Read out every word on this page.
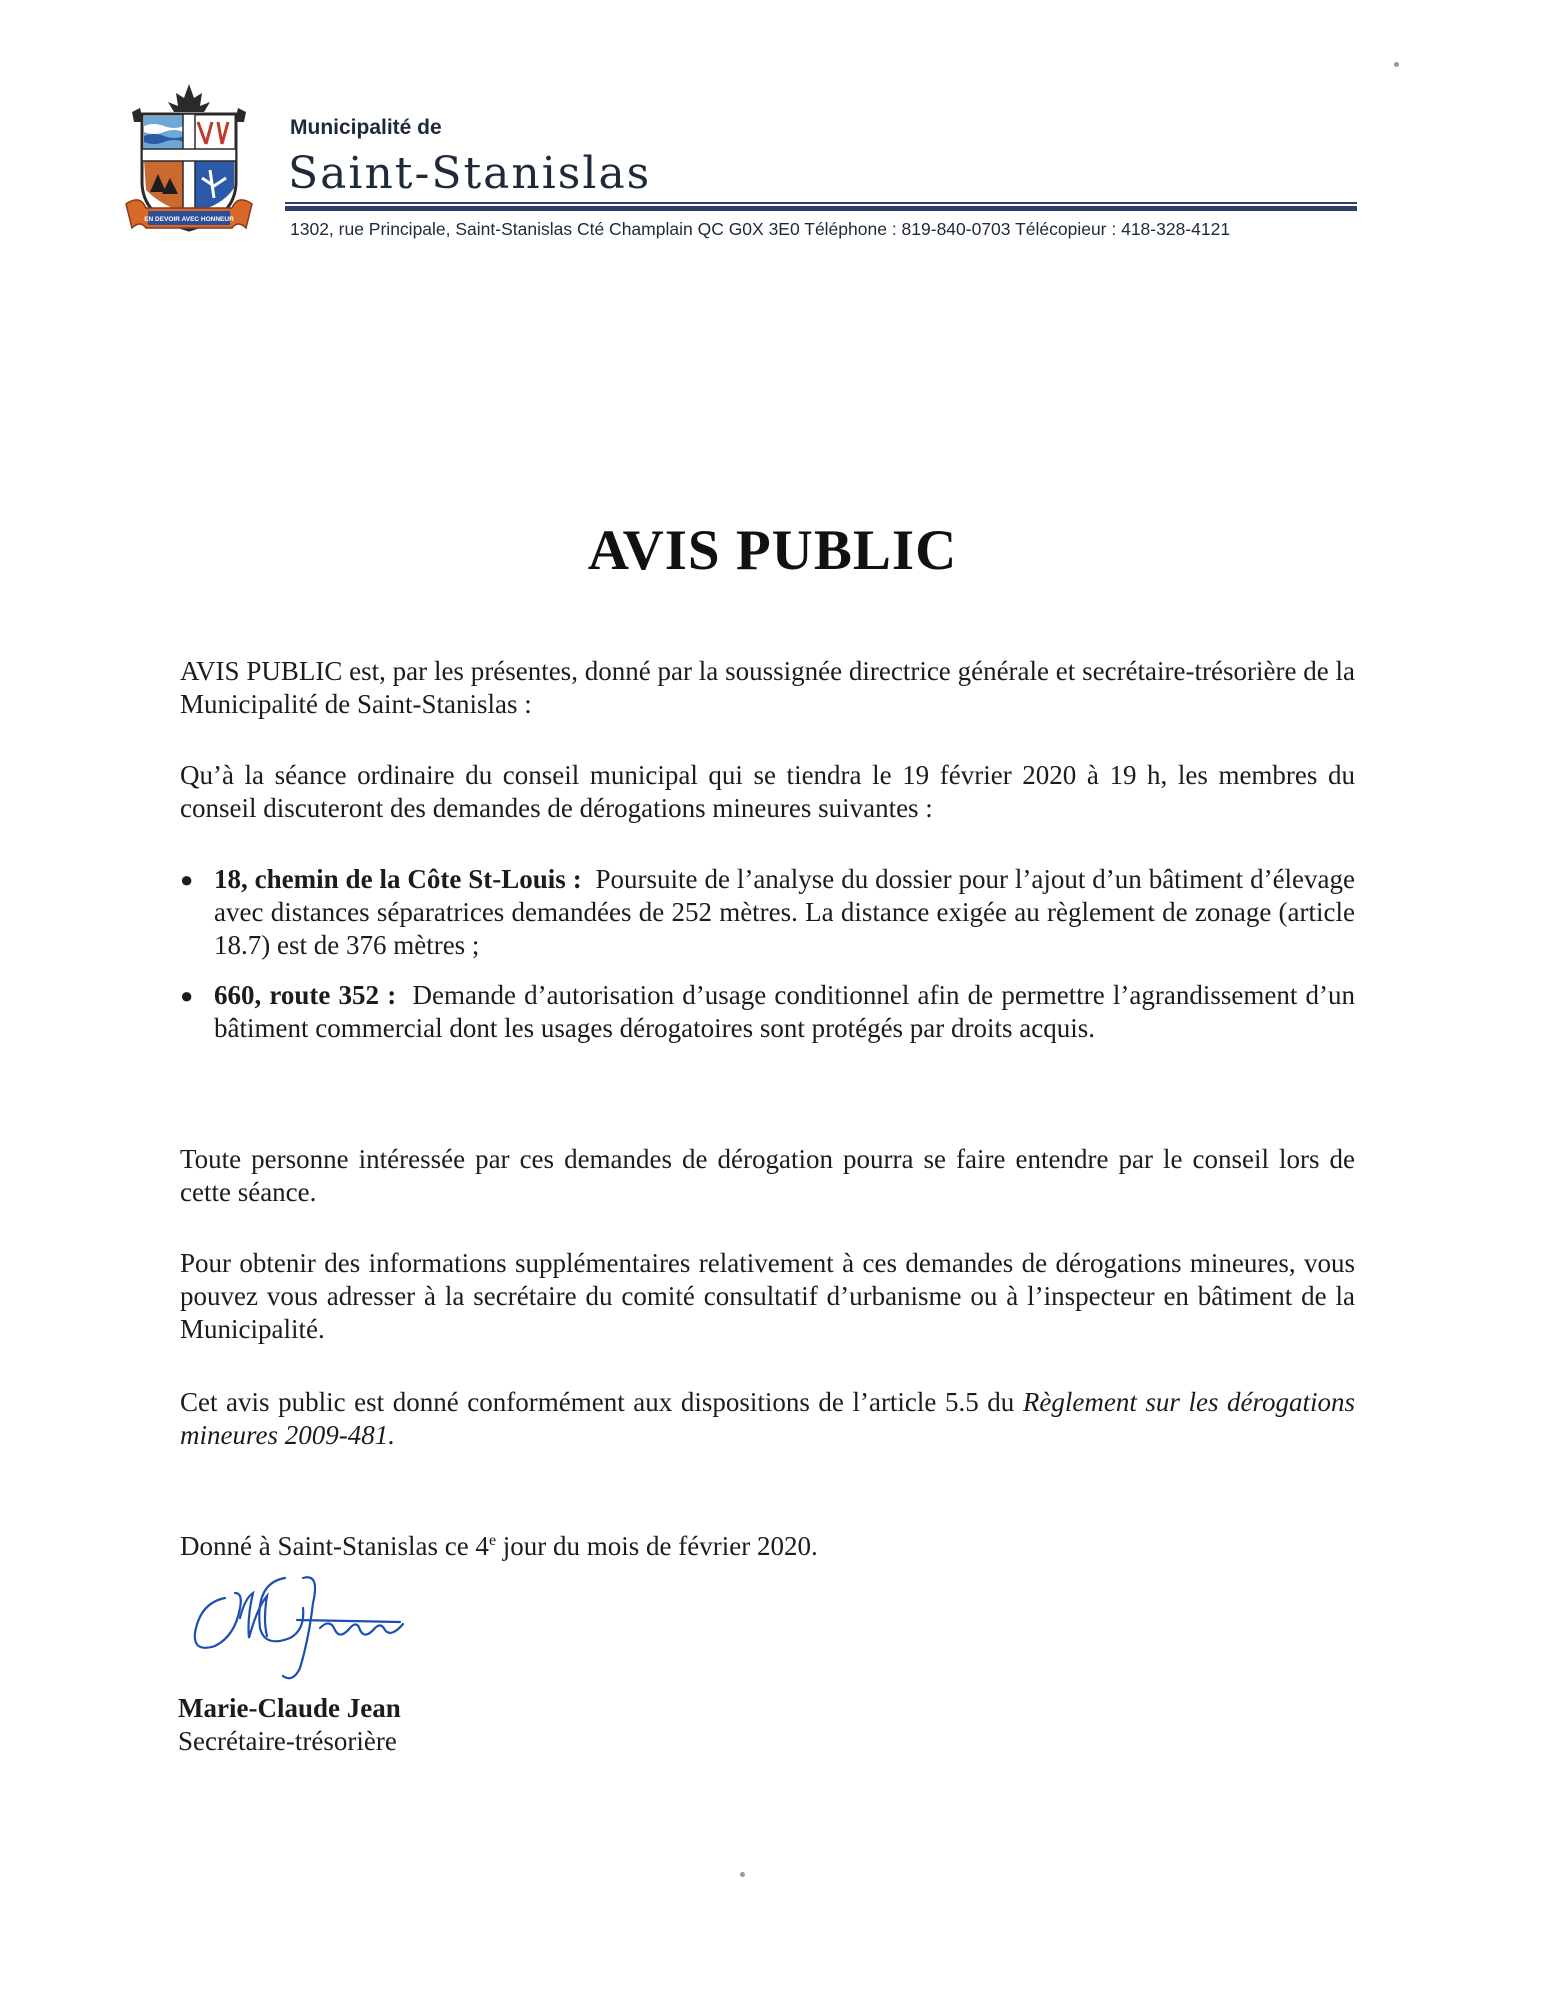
EN DEVOIR AVEC HONNEUR
Municipalité de
Saint-Stanislas
1302, rue Principale, Saint-Stanislas Cté Champlain QC G0X 3E0 Téléphone : 819-840-0703 Télécopieur : 418-328-4121
AVIS PUBLIC
AVIS PUBLIC est, par les présentes, donné par la soussignée directrice générale et secrétaire-trésorière de la Municipalité de Saint-Stanislas :
Qu’à la séance ordinaire du conseil municipal qui se tiendra le 19 février 2020 à 19 h, les membres du conseil discuteront des demandes de dérogations mineures suivantes :
● 18, chemin de la Côte St-Louis : Poursuite de l’analyse du dossier pour l’ajout d’un bâtiment d’élevage avec distances séparatrices demandées de 252 mètres. La distance exigée au règlement de zonage (article 18.7) est de 376 mètres ;
● 660, route 352 : Demande d’autorisation d’usage conditionnel afin de permettre l’agrandissement d’un bâtiment commercial dont les usages dérogatoires sont protégés par droits acquis.
Toute personne intéressée par ces demandes de dérogation pourra se faire entendre par le conseil lors de cette séance.
Pour obtenir des informations supplémentaires relativement à ces demandes de dérogations mineures, vous pouvez vous adresser à la secrétaire du comité consultatif d’urbanisme ou à l’inspecteur en bâtiment de la Municipalité.
Cet avis public est donné conformément aux dispositions de l’article 5.5 du Règlement sur les dérogations mineures 2009-481.
Donné à Saint-Stanislas ce 4e jour du mois de février 2020.
Marie-Claude Jean
Secrétaire-trésorière
